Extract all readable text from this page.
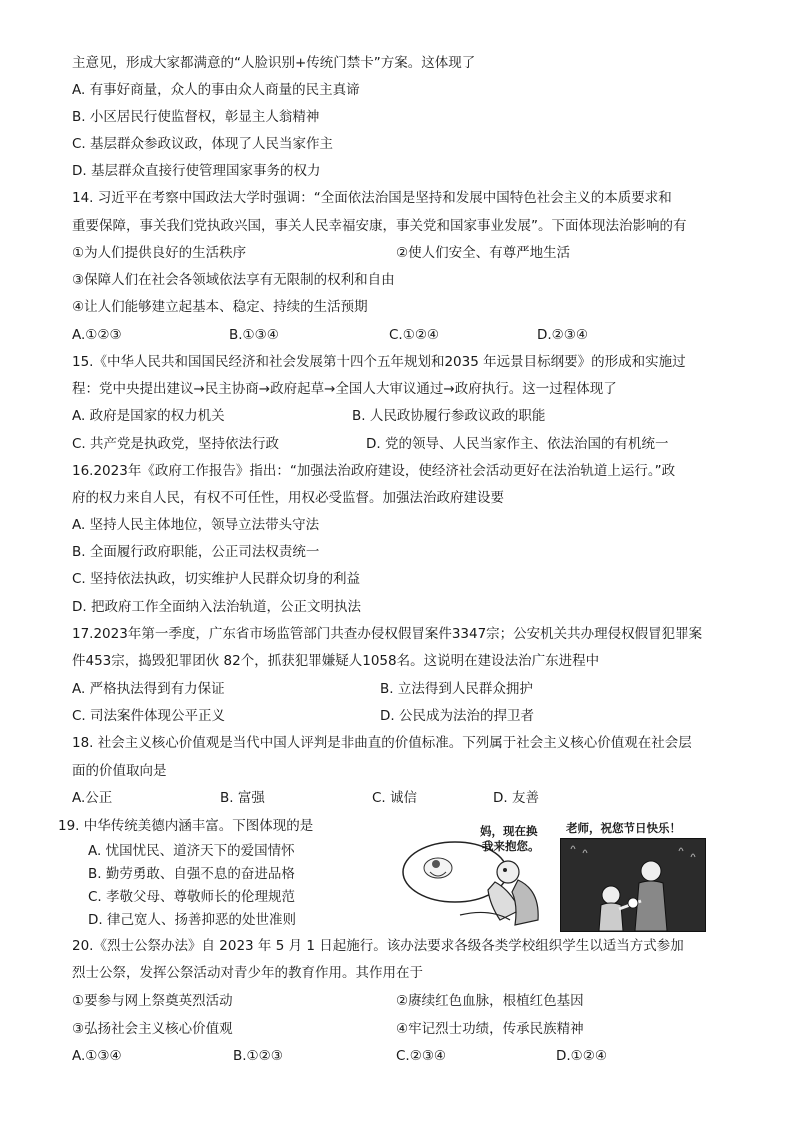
主意见，形成大家都满意的“人脸识别+传统门禁卡”方案。这体现了
A. 有事好商量，众人的事由众人商量的民主真谛
B. 小区居民行使监督权，彰显主人翁精神
C. 基层群众参政议政，体现了人民当家作主
D. 基层群众直接行使管理国家事务的权力
14. 习近平在考察中国政法大学时强调：“全面依法治国是坚持和发展中国特色社会主义的本质要求和
重要保障，事关我们党执政兴国，事关人民幸福安康，事关党和国家事业发展”。下面体现法治影响的有
①为人们提供良好的生活秩序	②使人们安全、有尊严地生活
③保障人们在社会各领域依法享有无限制的权利和自由
④让人们能够建立起基本、稳定、持续的生活预期
A.①②③	B.①③④	C.①②④	D.②③④
15.《中华人民共和国国民经济和社会发展第十四个五年规划和2035 年远景目标纲要》的形成和实施过
程：党中央提出建议→民主协商→政府起草→全国人大审议通过→政府执行。这一过程体现了
A. 政府是国家的权力机关	B. 人民政协履行参政议政的职能
C. 共产党是执政党，坚持依法行政	D. 党的领导、人民当家作主、依法治国的有机统一
16.2023年《政府工作报告》指出：“加强法治政府建设，使经济社会活动更好在法治轨道上运行。”政
府的权力来自人民，有权不可任性，用权必受监督。加强法治政府建设要
A. 坚持人民主体地位，领导立法带头守法
B. 全面履行政府职能，公正司法权责统一
C. 坚持依法执政，切实维护人民群众切身的利益
D. 把政府工作全面纳入法治轨道，公正文明执法
17.2023年第一季度，广东省市场监管部门共查办侵权假冒案件3347宗；公安机关共办理侵权假冒犯罪案
件453宗，捣毁犯罪团伙 82个，抓获犯罪嫌疑人1058名。这说明在建设法治广东进程中
A. 严格执法得到有力保证	B. 立法得到人民群众拥护
C. 司法案件体现公平正义	D. 公民成为法治的捍卫者
18. 社会主义核心价值观是当代中国人评判是非曲直的价值标准。下列属于社会主义核心价值观在社会层
面的价值取向是
A.公正	B. 富强	C. 诚信	D. 友善
19. 中华传统美德内涵丰富。下图体现的是
A. 忧国忧民、道济天下的爱国情怀
B. 勤劳勇敢、自强不息的奋进品格
C. 孝敬父母、尊敬师长的伦理规范
D. 律己宽人、扬善抑恶的处世准则
妈，现在换
我来抱您。
老师，祝您节日快乐！
20.《烈士公祭办法》自 2023 年 5 月 1 日起施行。该办法要求各级各类学校组织学生以适当方式参加
烈士公祭，发挥公祭活动对青少年的教育作用。其作用在于
①要参与网上祭奠英烈活动	②赓续红色血脉，根植红色基因
③弘扬社会主义核心价值观	④牢记烈士功绩，传承民族精神
A.①③④	B.①②③	C.②③④	D.①②④
